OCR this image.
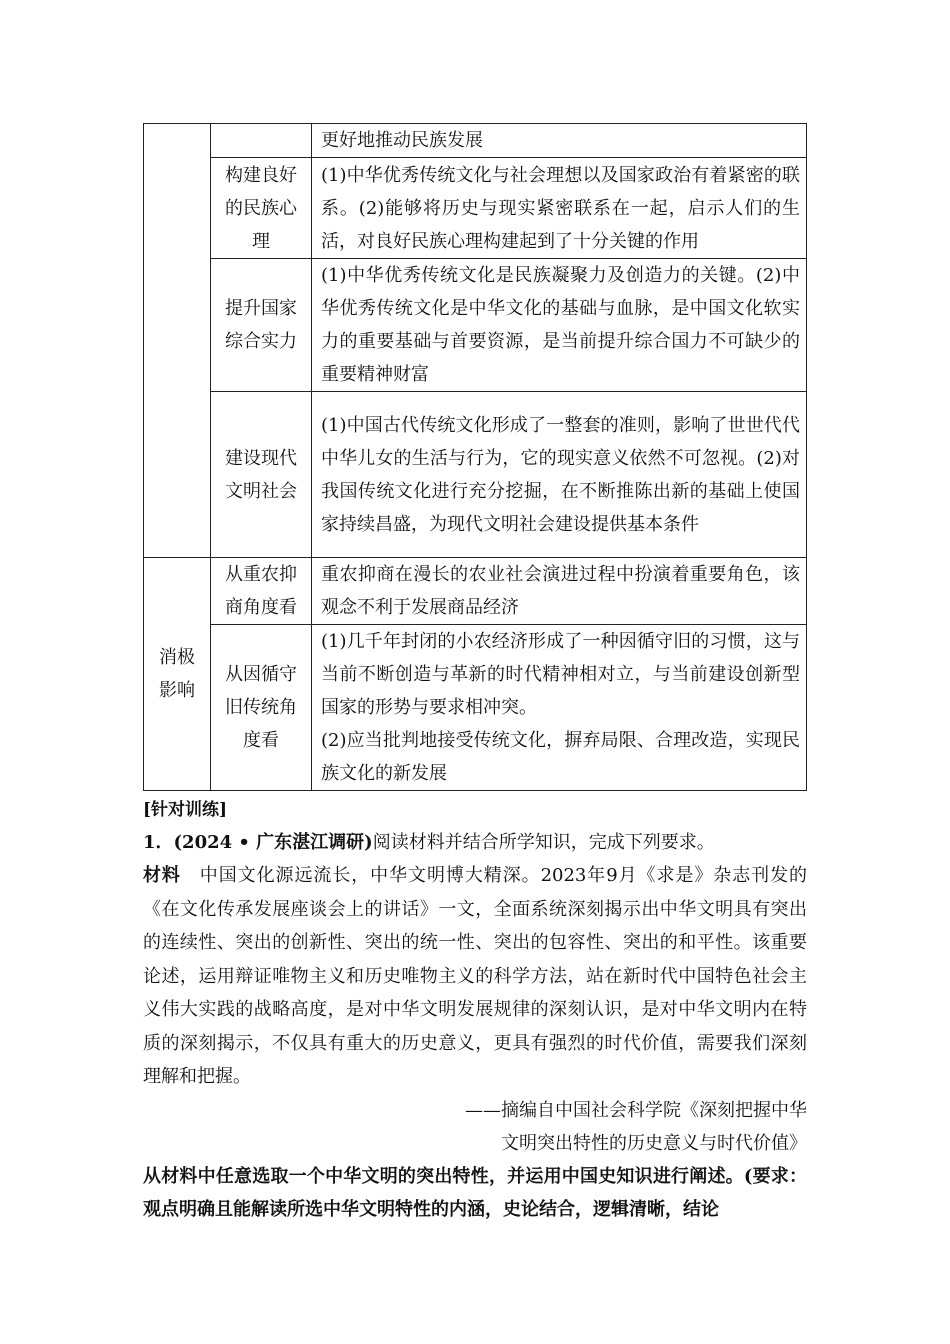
		更好地推动民族发展

	构建良好的民族心理	(1)中华优秀传统文化与社会理想以及国家政治有着紧密的联系。(2)能够将历史与现实紧密联系在一起，启示人们的生活，对良好民族心理构建起到了十分关键的作用

	提升国家综合实力	(1)中华优秀传统文化是民族凝聚力及创造力的关键。(2)中华优秀传统文化是中华文化的基础与血脉，是中国文化软实力的重要基础与首要资源，是当前提升综合国力不可缺少的重要精神财富

	建设现代文明社会	(1)中国古代传统文化形成了一整套的准则，影响了世世代代中华儿女的生活与行为，它的现实意义依然不可忽视。(2)对我国传统文化进行充分挖掘，在不断推陈出新的基础上使国家持续昌盛，为现代文明社会建设提供基本条件
消极影响	从重农抑商角度看	重农抑商在漫长的农业社会演进过程中扮演着重要角色，该观念不利于发展商品经济

	从因循守旧传统角度看	(1)几千年封闭的小农经济形成了一种因循守旧的习惯，这与当前不断创造与革新的时代精神相对立，与当前建设创新型国家的形势与要求相冲突。
(2)应当批判地接受传统文化，摒弃局限、合理改造，实现民族文化的新发展
[针对训练]
1．(2024 • 广东湛江调研)阅读材料并结合所学知识，完成下列要求。
材料 中国文化源远流长，中华文明博大精深。2023年9月《求是》杂志刊发的《在文化传承发展座谈会上的讲话》一文，全面系统深刻揭示出中华文明具有突出的连续性、突出的创新性、突出的统一性、突出的包容性、突出的和平性。该重要论述，运用辩证唯物主义和历史唯物主义的科学方法，站在新时代中国特色社会主义伟大实践的战略高度，是对中华文明发展规律的深刻认识，是对中华文明内在特质的深刻揭示，不仅具有重大的历史意义，更具有强烈的时代价值，需要我们深刻理解和把握。
——摘编自中国社会科学院《深刻把握中华
文明突出特性的历史意义与时代价值》
从材料中任意选取一个中华文明的突出特性，并运用中国史知识进行阐述。(要求：观点明确且能解读所选中华文明特性的内涵，史论结合，逻辑清晰，结论
